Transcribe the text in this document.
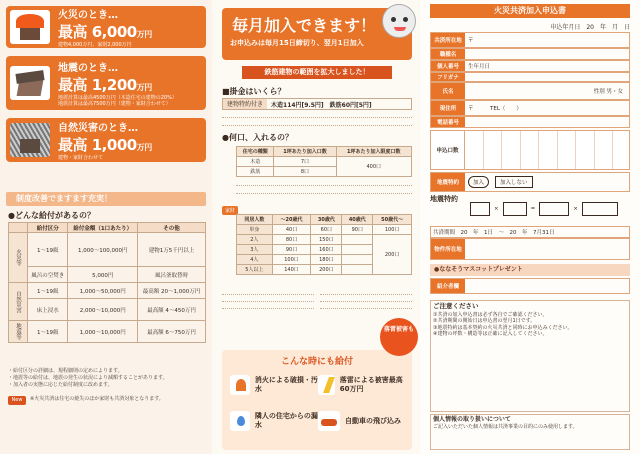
火災のとき…
最高 6,000万円
建物4,000万円、家財2,000万円
地震のとき…
最高 1,200万円
地震計算は最高4500万円（木造住宅の建物の20%）
地震計算は最高7500万円（建物・家財合わせて）
自然災害のとき…
最高 1,000万円
建物・家財合わせて
制度改善でますます充実！
●どんな給付があるの？
	給付区分	給付金額（1口あたり）	その他
火災等	1〜19級	1,000〜100,000円	建物1万5千円以上
	風呂の空焚き	5,000円	風呂釜取替時
自然災害	1〜19級	1,000〜50,000円	最高額 20〜1,000万円
	床上浸水	2,000〜10,000円	最高額 4〜450万円
地震等	1〜19級	1,000〜10,000円	最高額 6〜750万円
・給付区分の詳細は、規程細則の定めによります。
・地震等の給付は、地震の発生の状況により減額することがあります。
・加入者の実態に応じた給付制度に改めます。
New	※火災共済は住宅の焼失のほか家財も共済対象となります。
毎月加入できます！
お申込みは毎月15日締切り、翌月1日加入
鉄筋建物の範囲を拡大しました！
■掛金はいくら？
建物特約付き	木造114円[9.5円]　鉄筋60円[5円]
●何口、入れるの？
住宅の種類	1坪あたり加入口数	1坪あたり加入限度口数
木造	7口	400口
鉄筋	8口	
家財
同居人数	〜20歳代	30歳代	40歳代	50歳代〜
単身	40口	60口	90口	100口
2人	80口	150口		200口
3人	90口	160口		
4人	100口	180口		
5人以上	140口	200口		
こんな時にも給付
消火による破損・汚水
落雷による被害最高60万円
隣人の住宅からの漏水
自動車の飛び込み
落雷被害も
火災共済加入申込書
申込年月日　20　年　月　日
共済所在地	〒
職種名
個人番号	生年月日
フリガナ
氏名	性別 男・女
現住所	〒　　　TEL（　　）
電話番号
申込口数
地震特約	加入	加入しない
地震特約
×	=	×
共済期間　20　年　1日　〜　20　年　7月31日
物件所在地
●ななそうマスコットプレゼント
紹介者欄
ご注意ください
①共済の加入申込書は必ず各自でご確認ください。
②共済期間の開始日は申込書の翌月1日です。
③地震特約は基本契約の火災共済と同時にお申込みください。
④建物の坪数・構造等は正確に記入してください。
個人情報の取り扱いについて
ご記入いただいた個人情報は共済事業の目的にのみ使用します。
